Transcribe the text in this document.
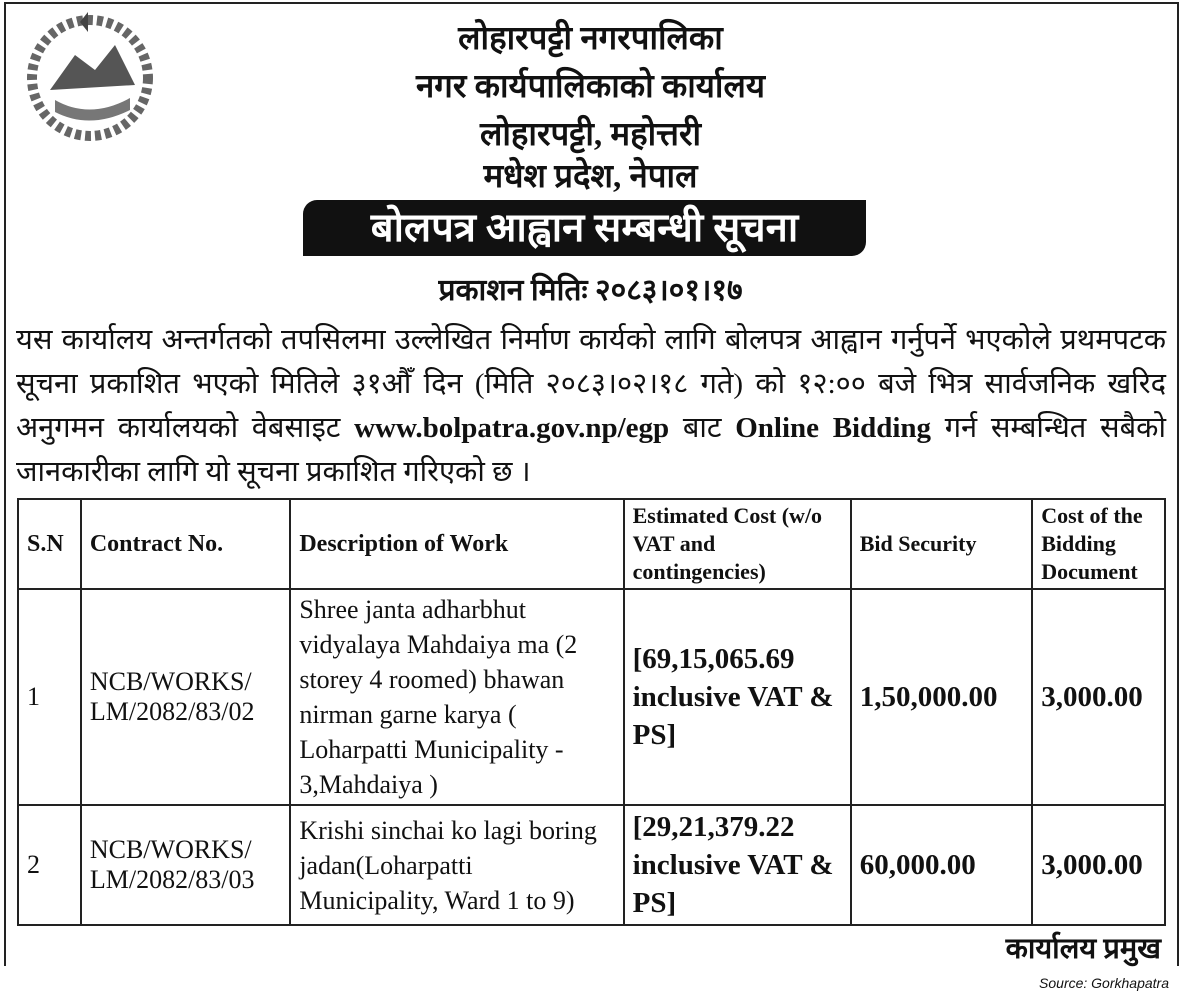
लोहारपट्टी नगरपालिका
नगर कार्यपालिकाको कार्यालय
लोहारपट्टी, महोत्तरी
मधेश प्रदेश, नेपाल
बोलपत्र आह्वान सम्बन्धी सूचना
प्रकाशन मितिः २०८३।०१।१७
यस कार्यालय अन्तर्गतको तपसिलमा उल्लेखित निर्माण कार्यको लागि बोलपत्र आह्वान गर्नुपर्ने भएकोले प्रथमपटक सूचना प्रकाशित भएको मितिले ३१औँ दिन (मिति २०८३।०२।१८ गते) को १२:०० बजे भित्र सार्वजनिक खरिद अनुगमन कार्यालयको वेबसाइट www.bolpatra.gov.np/egp बाट Online Bidding गर्न सम्बन्धित सबैको जानकारीका लागि यो सूचना प्रकाशित गरिएको छ ।
S.N	Contract No.	Description of Work	Estimated Cost (w/o VAT and contingencies)	Bid Security	Cost of the Bidding Document
1	NCB/WORKS/ LM/2082/83/02	Shree janta adharbhut vidyalaya Mahdaiya ma (2 storey 4 roomed) bhawan nirman garne karya ( Loharpatti Municipality - 3,Mahdaiya )	[69,15,065.69 inclusive VAT & PS]	1,50,000.00	3,000.00
2	NCB/WORKS/ LM/2082/83/03	Krishi sinchai ko lagi boring jadan(Loharpatti Municipality, Ward 1 to 9)	[29,21,379.22 inclusive VAT & PS]	60,000.00	3,000.00
कार्यालय प्रमुख
Source: Gorkhapatra
